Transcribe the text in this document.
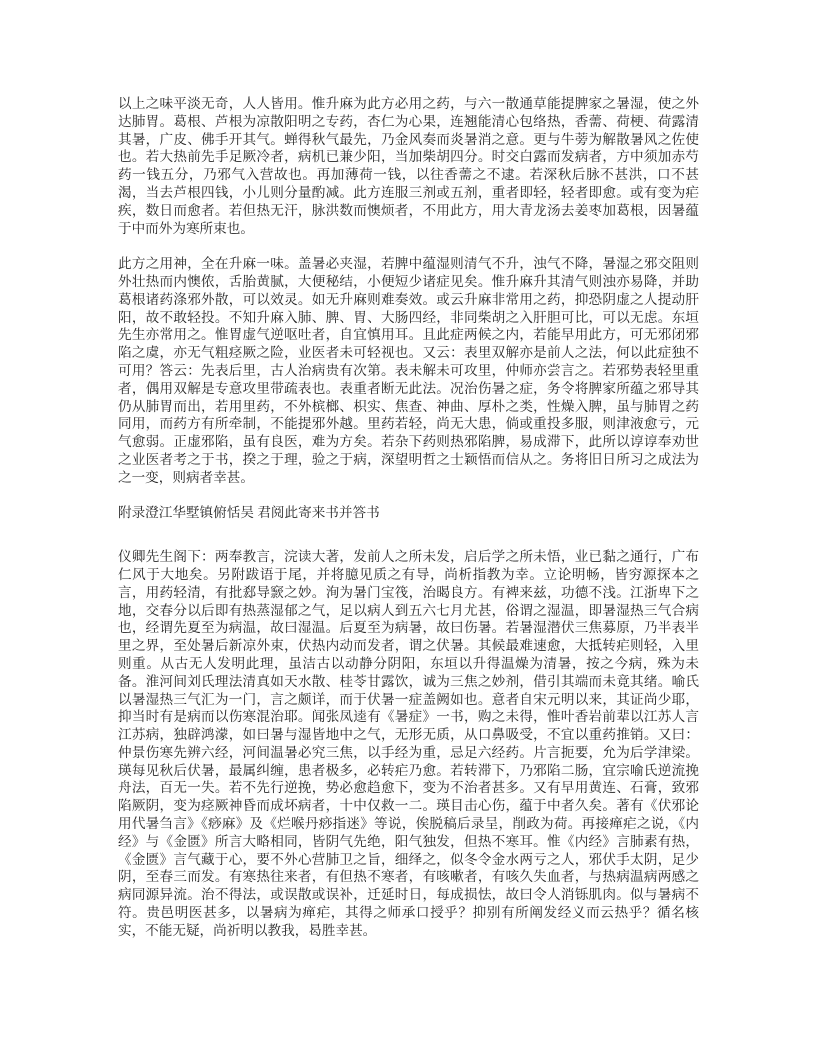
以上之味平淡无奇，人人皆用。惟升麻为此方必用之药，与六一散通草能提脾家之暑湿，使之外达肺胃。葛根、芦根为凉散阳明之专药，杏仁为心果，连翘能清心包络热，香薷、荷梗、荷露清其暑，广皮、佛手开其气。蝉得秋气最先，乃金风奏而炎暑消之意。更与牛蒡为解散暑风之佐使也。若大热前先手足厥冷者，病机已兼少阳，当加柴胡四分。时交白露而发病者，方中须加赤芍药一钱五分，乃邪气入营故也。再加薄荷一钱，以往香薷之不逮。若深秋后脉不甚洪，口不甚渴，当去芦根四钱，小儿则分量酌减。此方连服三剂或五剂，重者即轻，轻者即愈。或有变为疟疾，数日而愈者。若但热无汗，脉洪数而懊烦者，不用此方，用大青龙汤去姜枣加葛根，因暑蕴于中而外为寒所束也。

此方之用神，全在升麻一味。盖暑必夹湿，若脾中蕴湿则清气不升，浊气不降，暑湿之邪交阻则外壮热而内懊侬，舌胎黄腻，大便秘结，小便短少诸症见矣。惟升麻升其清气则浊亦易降，并助葛根诸药涤邪外散，可以效灵。如无升麻则难奏效。或云升麻非常用之药，抑恐阴虚之人提动肝阳，故不敢轻投。不知升麻入肺、脾、胃、大肠四经，非同柴胡之入肝胆可比，可以无虑。东垣先生亦常用之。惟胃虚气逆呕吐者，自宜慎用耳。且此症两候之内，若能早用此方，可无邪闭邪陷之虞，亦无气粗痉厥之险，业医者未可轻视也。又云：表里双解亦是前人之法，何以此症独不可用？答云：先表后里，古人治病贵有次第。表未解未可攻里，仲师亦尝言之。若邪势表轻里重者，偶用双解是专意攻里带疏表也。表重者断无此法。况治伤暑之症，务令将脾家所蕴之邪导其仍从肺胃而出，若用里药，不外槟榔、枳实、焦查、神曲、厚朴之类，性燥入脾，虽与肺胃之药同用，而药方有所牵制，不能提邪外越。里药若轻，尚无大患，倘或重投多服，则津液愈亏，元气愈弱。正虚邪陷，虽有良医，难为方矣。若杂下药则热邪陷脾，易成滞下，此所以谆谆奉劝世之业医者考之于书，揆之于理，验之于病，深望明哲之士颖悟而信从之。务将旧日所习之成法为之一变，则病者幸甚。

附录澄江华墅镇俯恬吴 君阅此寄来书并答书

仪卿先生阁下：两奉教言，浣读大著，发前人之所未发，启后学之所未悟，业已黏之通行，广布仁风于大地矣。另附跋语于尾，并将臆见质之有导，尚析指教为幸。立论明畅，皆穷源探本之言，用药轻清，有批郄导窾之妙。洵为暑门宝筏，治暍良方。有裨来兹，功德不浅。江浙卑下之地，交春分以后即有热蒸湿郁之气，足以病人到五六七月尤甚，俗谓之湿温，即暑湿热三气合病也，经谓先夏至为病温，故曰湿温。后夏至为病暑，故曰伤暑。若暑湿潜伏三焦募原，乃半表半里之界，至处暑后新凉外束，伏热内动而发者，谓之伏暑。其候最难速愈，大抵转疟则轻，入里则重。从古无人发明此理，虽洁古以动静分阴阳，东垣以升得温燥为清暑，按之今病，殊为未备。淮河间刘氏理法清真如天水散、桂苓甘露饮，诚为三焦之妙剂，借引其端而未竟其绪。喻氏以暑湿热三气汇为一门，言之颇详，而于伏暑一症盖阙如也。意者自宋元明以来，其证尚少耶，抑当时有是病而以伤寒混治耶。闻张凤逵有《暑症》一书，购之未得，惟叶香岩前辈以江苏人言江苏病，独辟鸿濛，如曰暑与湿皆地中之气，无形无质，从口鼻吸受，不宜以重药推销。又曰：仲景伤寒先辨六经，河间温暑必究三焦，以手经为重，忌足六经药。片言扼要，允为后学津梁。瑛每见秋后伏暑，最属纠缠，患者极多，必转疟乃愈。若转滞下，乃邪陷二肠，宜宗喻氏逆流挽舟法，百无一失。若不先行逆挽，势必愈趋愈下，变为不治者甚多。又有早用黄连、石膏，致邪陷厥阴，变为痉厥神昏而成坏病者，十中仅救一二。瑛目击心伤，蕴于中者久矣。著有《伏邪论用代暑刍言》《痧麻》及《烂喉丹痧指迷》等说，俟脱稿后录呈，削政为荷。再接瘅疟之说，《内经》与《金匮》所言大略相同，皆阴气先绝，阳气独发，但热不寒耳。惟《内经》言肺素有热，《金匮》言气藏于心，要不外心营肺卫之旨，细绎之，似冬令金水两亏之人，邪伏手太阴，足少阴，至春三而发。有寒热往来者，有但热不寒者，有咳嗽者，有咳久失血者，与热病温病两感之病同源异流。治不得法，或误散或误补，迁延时日，每成损怯，故曰令人消铄肌肉。似与暑病不符。贵邑明医甚多，以暑病为瘅疟，其得之师承口授乎？抑别有所阐发经义而云热乎？循名核实，不能无疑，尚祈明以教我，曷胜幸甚。
